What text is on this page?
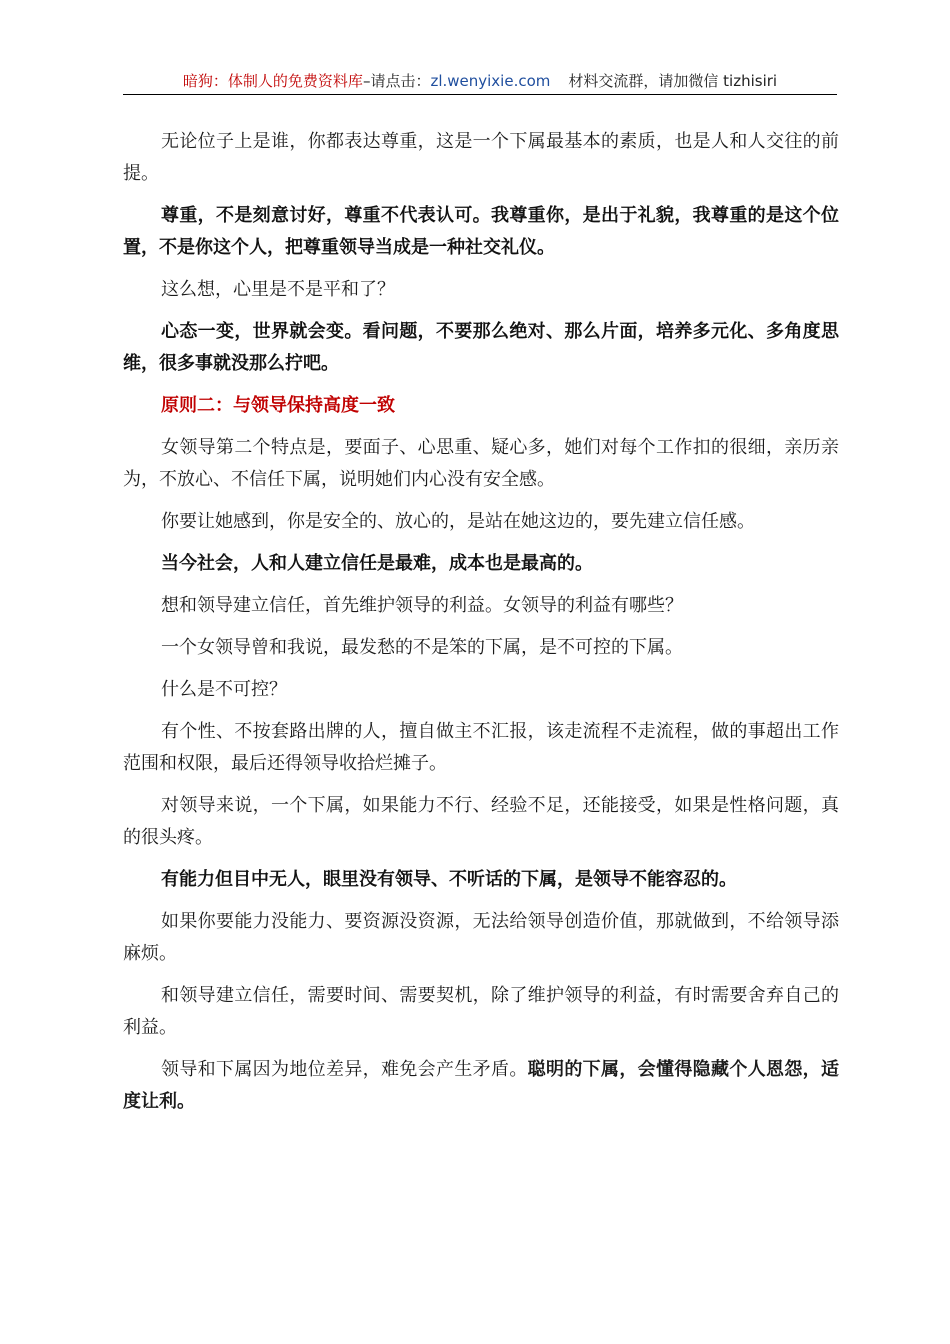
暗狗：体制人的免费资料库–请点击：zl.wenyixie.com 材料交流群，请加微信 tizhisiri

无论位子上是谁，你都表达尊重，这是一个下属最基本的素质，也是人和人交往的前提。

尊重，不是刻意讨好，尊重不代表认可。我尊重你，是出于礼貌，我尊重的是这个位置，不是你这个人，把尊重领导当成是一种社交礼仪。

这么想，心里是不是平和了？

心态一变，世界就会变。看问题，不要那么绝对、那么片面，培养多元化、多角度思维，很多事就没那么拧吧。

原则二：与领导保持高度一致

女领导第二个特点是，要面子、心思重、疑心多，她们对每个工作扣的很细，亲历亲为，不放心、不信任下属，说明她们内心没有安全感。

你要让她感到，你是安全的、放心的，是站在她这边的，要先建立信任感。

当今社会，人和人建立信任是最难，成本也是最高的。

想和领导建立信任，首先维护领导的利益。女领导的利益有哪些？

一个女领导曾和我说，最发愁的不是笨的下属，是不可控的下属。

什么是不可控？

有个性、不按套路出牌的人，擅自做主不汇报，该走流程不走流程，做的事超出工作范围和权限，最后还得领导收拾烂摊子。

对领导来说，一个下属，如果能力不行、经验不足，还能接受，如果是性格问题，真的很头疼。

有能力但目中无人，眼里没有领导、不听话的下属，是领导不能容忍的。

如果你要能力没能力、要资源没资源，无法给领导创造价值，那就做到，不给领导添麻烦。

和领导建立信任，需要时间、需要契机，除了维护领导的利益，有时需要舍弃自己的利益。

领导和下属因为地位差异，难免会产生矛盾。聪明的下属，会懂得隐藏个人恩怨，适度让利。
